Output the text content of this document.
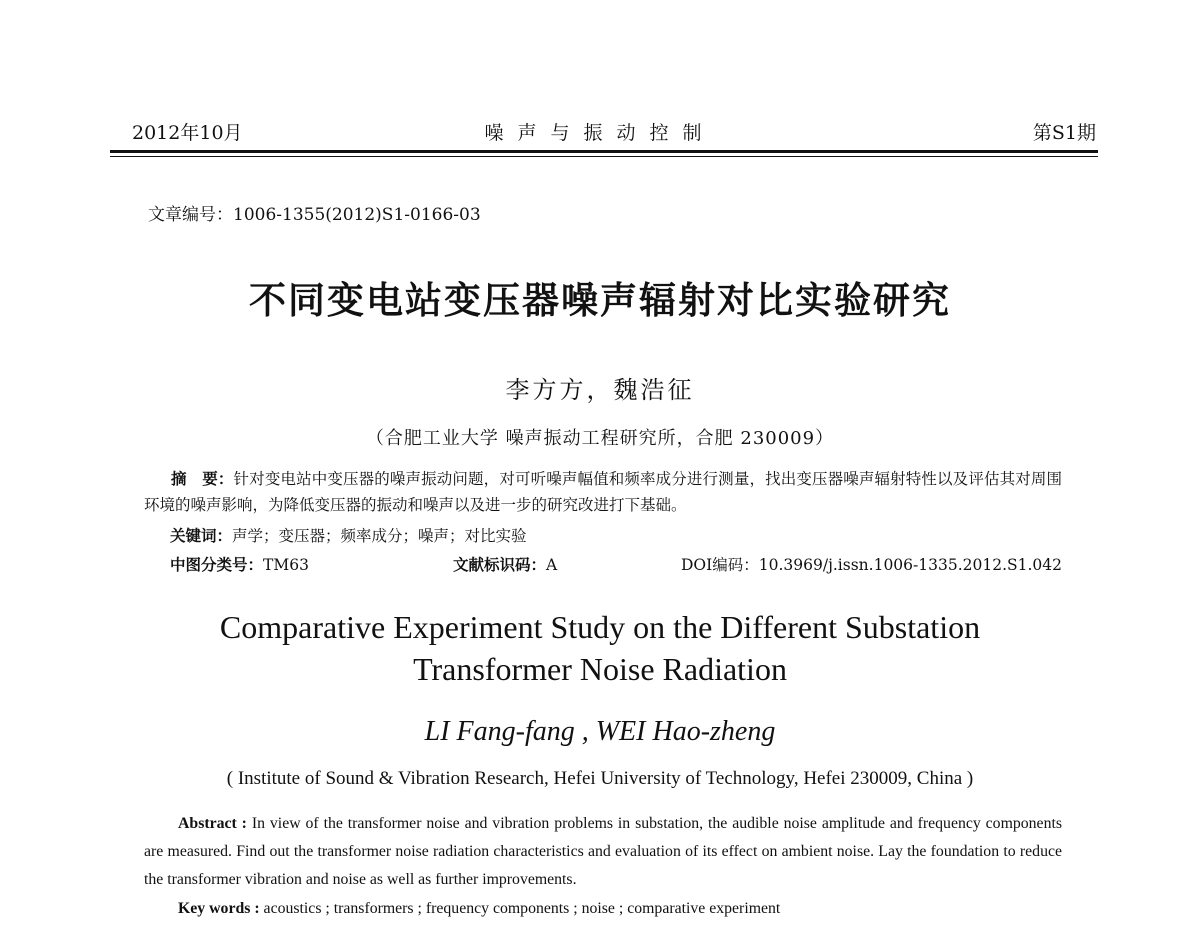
2012年10月	噪声与振动控制	第S1期
文章编号：1006-1355(2012)S1-0166-03
不同变电站变压器噪声辐射对比实验研究
李方方，魏浩征
（合肥工业大学 噪声振动工程研究所，合肥 230009）
摘　要：针对变电站中变压器的噪声振动问题，对可听噪声幅值和频率成分进行测量，找出变压器噪声辐射特性以及评估其对周围环境的噪声影响，为降低变压器的振动和噪声以及进一步的研究改进打下基础。
关键词：声学；变压器；频率成分；噪声；对比实验
中图分类号：TM63	文献标识码：A	DOI编码：10.3969/j.issn.1006-1335.2012.S1.042
Comparative Experiment Study on the Different Substation
Transformer Noise Radiation
LI Fang-fang , WEI Hao-zheng
( Institute of Sound & Vibration Research, Hefei University of Technology, Hefei 230009, China )
Abstract : In view of the transformer noise and vibration problems in substation, the audible noise amplitude and frequency components are measured. Find out the transformer noise radiation characteristics and evaluation of its effect on ambient noise. Lay the foundation to reduce the transformer vibration and noise as well as further improvements.
Key words : acoustics ; transformers ; frequency components ; noise ; comparative experiment
